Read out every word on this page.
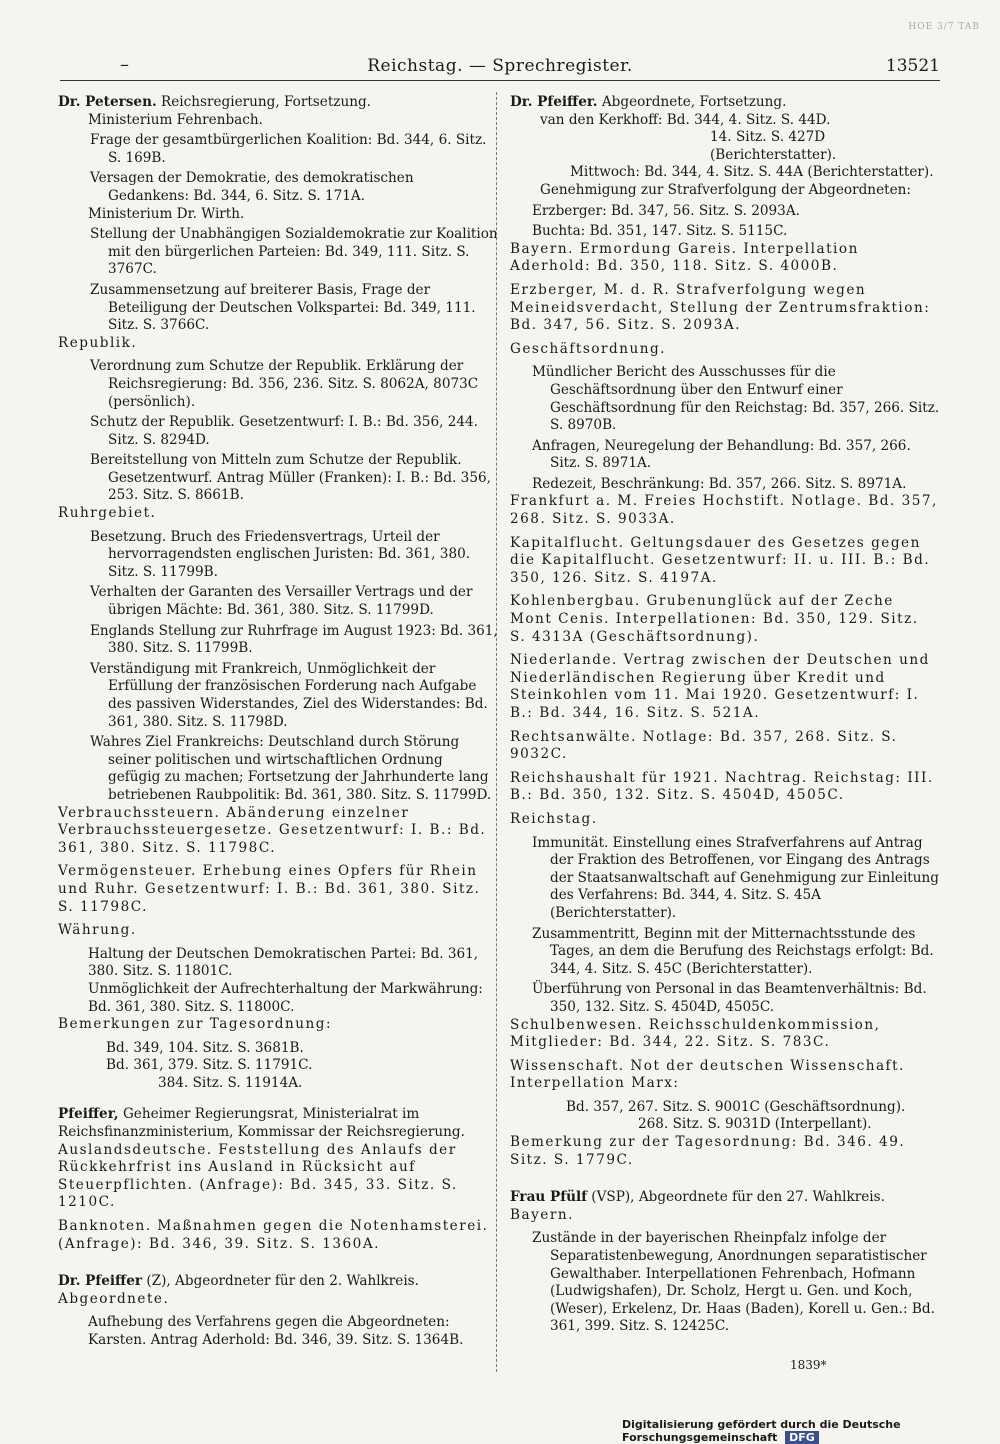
HOE 3/7 TAB
–	Reichstag. — Sprechregister.	13521
Dr. Petersen. Reichsregierung, Fortsetzung.
Ministerium Fehrenbach.
Frage der gesamtbürgerlichen Koalition: Bd. 344, 6. Sitz. S. 169B.
Versagen der Demokratie, des demokratischen Gedankens: Bd. 344, 6. Sitz. S. 171A.
Ministerium Dr. Wirth.
Stellung der Unabhängigen Sozialdemokratie zur Koalition mit den bürgerlichen Parteien: Bd. 349, 111. Sitz. S. 3767C.
Zusammensetzung auf breiterer Basis, Frage der Beteiligung der Deutschen Volkspartei: Bd. 349, 111. Sitz. S. 3766C.
Republik.
Verordnung zum Schutze der Republik. Erklärung der Reichsregierung: Bd. 356, 236. Sitz. S. 8062A, 8073C (persönlich).
Schutz der Republik. Gesetzentwurf: I. B.: Bd. 356, 244. Sitz. S. 8294D.
Bereitstellung von Mitteln zum Schutze der Republik. Gesetzentwurf. Antrag Müller (Franken): I. B.: Bd. 356, 253. Sitz. S. 8661B.
Ruhrgebiet.
Besetzung. Bruch des Friedensvertrags, Urteil der hervorragendsten englischen Juristen: Bd. 361, 380. Sitz. S. 11799B.
Verhalten der Garanten des Versailler Vertrags und der übrigen Mächte: Bd. 361, 380. Sitz. S. 11799D.
Englands Stellung zur Ruhrfrage im August 1923: Bd. 361, 380. Sitz. S. 11799B.
Verständigung mit Frankreich, Unmöglichkeit der Erfüllung der französischen Forderung nach Aufgabe des passiven Widerstandes, Ziel des Widerstandes: Bd. 361, 380. Sitz. S. 11798D.
Wahres Ziel Frankreichs: Deutschland durch Störung seiner politischen und wirtschaftlichen Ordnung gefügig zu machen; Fortsetzung der Jahrhunderte lang betriebenen Raubpolitik: Bd. 361, 380. Sitz. S. 11799D.
Verbrauchssteuern. Abänderung einzelner Verbrauchssteuergesetze. Gesetzentwurf: I. B.: Bd. 361, 380. Sitz. S. 11798C.
Vermögensteuer. Erhebung eines Opfers für Rhein und Ruhr. Gesetzentwurf: I. B.: Bd. 361, 380. Sitz. S. 11798C.
Währung.
Haltung der Deutschen Demokratischen Partei: Bd. 361, 380. Sitz. S. 11801C.
Unmöglichkeit der Aufrechterhaltung der Markwährung: Bd. 361, 380. Sitz. S. 11800C.
Bemerkungen zur Tagesordnung:
Bd. 349, 104. Sitz. S. 3681B.
Bd. 361, 379. Sitz. S. 11791C.
384. Sitz. S. 11914A.
Pfeiffer, Geheimer Regierungsrat, Ministerialrat im Reichsfinanzministerium, Kommissar der Reichsregierung.
Auslandsdeutsche. Feststellung des Anlaufs der Rückkehrfrist ins Ausland in Rücksicht auf Steuerpflichten. (Anfrage): Bd. 345, 33. Sitz. S. 1210C.
Banknoten. Maßnahmen gegen die Notenhamsterei. (Anfrage): Bd. 346, 39. Sitz. S. 1360A.
Dr. Pfeiffer (Z), Abgeordneter für den 2. Wahlkreis.
Abgeordnete.
Aufhebung des Verfahrens gegen die Abgeordneten: Karsten. Antrag Aderhold: Bd. 346, 39. Sitz. S. 1364B.
Dr. Pfeiffer. Abgeordnete, Fortsetzung.
van den Kerkhoff: Bd. 344, 4. Sitz. S. 44D.
14. Sitz. S. 427D (Berichterstatter).
Mittwoch: Bd. 344, 4. Sitz. S. 44A (Berichterstatter).
Genehmigung zur Strafverfolgung der Abgeordneten:
Erzberger: Bd. 347, 56. Sitz. S. 2093A.
Buchta: Bd. 351, 147. Sitz. S. 5115C.
Bayern. Ermordung Gareis. Interpellation Aderhold: Bd. 350, 118. Sitz. S. 4000B.
Erzberger, M. d. R. Strafverfolgung wegen Meineidsverdacht, Stellung der Zentrumsfraktion: Bd. 347, 56. Sitz. S. 2093A.
Geschäftsordnung.
Mündlicher Bericht des Ausschusses für die Geschäftsordnung über den Entwurf einer Geschäftsordnung für den Reichstag: Bd. 357, 266. Sitz. S. 8970B.
Anfragen, Neuregelung der Behandlung: Bd. 357, 266. Sitz. S. 8971A.
Redezeit, Beschränkung: Bd. 357, 266. Sitz. S. 8971A.
Frankfurt a. M. Freies Hochstift. Notlage. Bd. 357, 268. Sitz. S. 9033A.
Kapitalflucht. Geltungsdauer des Gesetzes gegen die Kapitalflucht. Gesetzentwurf: II. u. III. B.: Bd. 350, 126. Sitz. S. 4197A.
Kohlenbergbau. Grubenunglück auf der Zeche Mont Cenis. Interpellationen: Bd. 350, 129. Sitz. S. 4313A (Geschäftsordnung).
Niederlande. Vertrag zwischen der Deutschen und Niederländischen Regierung über Kredit und Steinkohlen vom 11. Mai 1920. Gesetzentwurf: I. B.: Bd. 344, 16. Sitz. S. 521A.
Rechtsanwälte. Notlage: Bd. 357, 268. Sitz. S. 9032C.
Reichshaushalt für 1921. Nachtrag. Reichstag: III. B.: Bd. 350, 132. Sitz. S. 4504D, 4505C.
Reichstag.
Immunität. Einstellung eines Strafverfahrens auf Antrag der Fraktion des Betroffenen, vor Eingang des Antrags der Staatsanwaltschaft auf Genehmigung zur Einleitung des Verfahrens: Bd. 344, 4. Sitz. S. 45A (Berichterstatter).
Zusammentritt, Beginn mit der Mitternachtsstunde des Tages, an dem die Berufung des Reichstags erfolgt: Bd. 344, 4. Sitz. S. 45C (Berichterstatter).
Überführung von Personal in das Beamtenverhältnis: Bd. 350, 132. Sitz. S. 4504D, 4505C.
Schulbenwesen. Reichsschuldenkommission, Mitglieder: Bd. 344, 22. Sitz. S. 783C.
Wissenschaft. Not der deutschen Wissenschaft. Interpellation Marx:
Bd. 357, 267. Sitz. S. 9001C (Geschäftsordnung).
268. Sitz. S. 9031D (Interpellant).
Bemerkung zur der Tagesordnung: Bd. 346. 49. Sitz. S. 1779C.
Frau Pfülf (VSP), Abgeordnete für den 27. Wahlkreis.
Bayern.
Zustände in der bayerischen Rheinpfalz infolge der Separatistenbewegung, Anordnungen separatistischer Gewalthaber. Interpellationen Fehrenbach, Hofmann (Ludwigshafen), Dr. Scholz, Hergt u. Gen. und Koch, (Weser), Erkelenz, Dr. Haas (Baden), Korell u. Gen.: Bd. 361, 399. Sitz. S. 12425C.
1839*
Digitalisierung gefördert durch die Deutsche Forschungsgemeinschaft DFG
